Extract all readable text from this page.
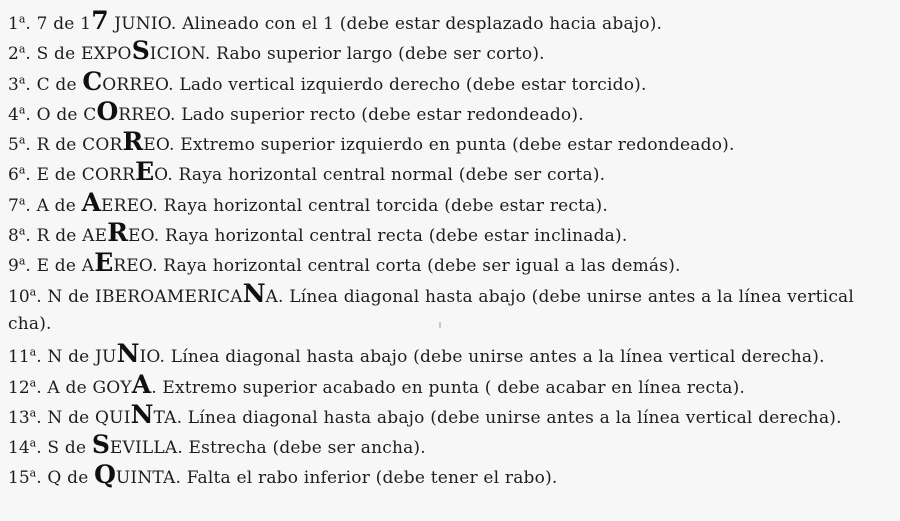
1$^a$. 7 de 17 JUNIO. Alineado con el 1 (debe estar desplazado hacia abajo).
2$^a$. S de EXPOSICION. Rabo superior largo (debe ser corto).
3$^a$. C de CORREO. Lado vertical izquierdo derecho (debe estar torcido).
4$^a$. O de CORREO. Lado superior recto (debe estar redondeado).
5$^a$. R de CORREO. Extremo superior izquierdo en punta (debe estar redondeado).
6$^a$. E de CORREO. Raya horizontal central normal (debe ser corta).
7$^a$. A de AEREO. Raya horizontal central torcida (debe estar recta).
8$^a$. R de AEREO. Raya horizontal central recta (debe estar inclinada).
9$^a$. E de AEREO. Raya horizontal central corta (debe ser igual a las demás).
10$^a$. N de IBEROAMERICANA. Línea diagonal hasta abajo (debe unirse antes a la línea vertical
cha).
11$^a$. N de JUNIO. Línea diagonal hasta abajo (debe unirse antes a la línea vertical derecha).
12$^a$. A de GOYA. Extremo superior acabado en punta ( debe acabar en línea recta).
13$^a$. N de QUINTA. Línea diagonal hasta abajo (debe unirse antes a la línea vertical derecha).
14$^a$. S de SEVILLA. Estrecha (debe ser ancha).
15$^a$. Q de QUINTA. Falta el rabo inferior (debe tener el rabo).
